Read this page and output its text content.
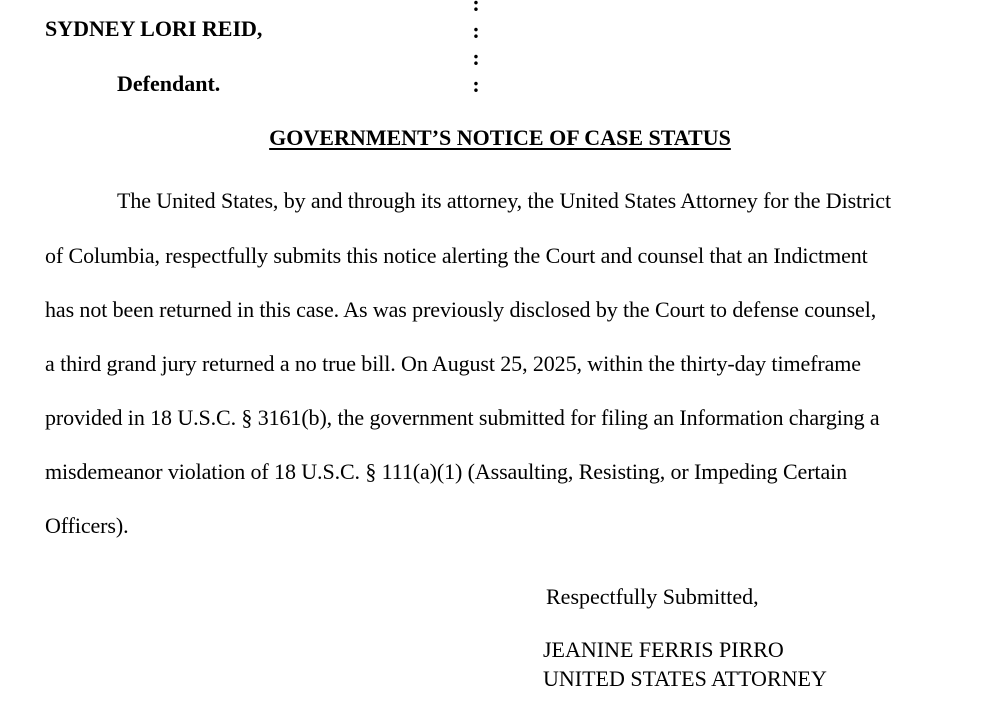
SYDNEY LORI REID,
Defendant.
:
:
:
:
GOVERNMENT’S NOTICE OF CASE STATUS
The United States, by and through its attorney, the United States Attorney for the District
of Columbia, respectfully submits this notice alerting the Court and counsel that an Indictment
has not been returned in this case. As was previously disclosed by the Court to defense counsel,
a third grand jury returned a no true bill. On August 25, 2025, within the thirty-day timeframe
provided in 18 U.S.C. § 3161(b), the government submitted for filing an Information charging a
misdemeanor violation of 18 U.S.C. § 111(a)(1) (Assaulting, Resisting, or Impeding Certain
Officers).
Respectfully Submitted,
JEANINE FERRIS PIRRO
UNITED STATES ATTORNEY
